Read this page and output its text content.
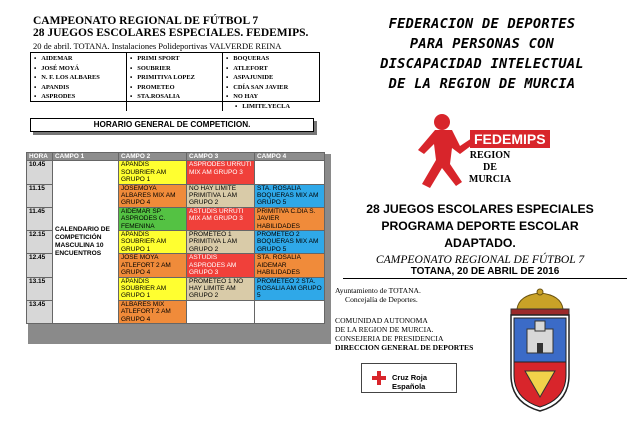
CAMPEONATO REGIONAL DE FÚTBOL 7
28 JUEGOS ESCOLARES ESPECIALES. FEDEMIPS.
20 de abril. TOTANA. Instalaciones Polideportivas VALVERDE REINA
▪ AIDEMAR
▪ JOSÉ MOYÁ
▪ N. F. LOS ALBARES
▪ APANDIS
▪ ASPRODES
▪ PRIMI SPORT
▪ SOUBRIER
▪ PRIMITIVA LOPEZ
▪ PROMETEO
▪ STA.ROSALIA
▪ BOQUERAS
▪ ATLEFORT
▪ ASPAJUNIDE
▪ CDÍA SAN JAVIER
▪ NO HAY
▪ LIMITE.YECLA
HORARIO GENERAL DE COMPETICION.
HORA	CAMPO 1	CAMPO 2	CAMPO 3	CAMPO 4
10.45	CALENDARIO DE COMPETICIÓN MASCULINA 10 ENCUENTROS	APANDIS SOUBRIER AM GRUPO 1	ASPRODES URRUTI MIX AM GRUPO 3	
11.15		JOSEMOYA ALBARES MIX AM GRUPO 4	NO HAY LIMITE PRIMITIVA L AM GRUPO 2	STA. ROSALIA BOQUERAS MIX AM GRUPO 5
11.45		AIDEMAR SP ASPRODES C. FEMENINA	ASTUDIS URRUTI MIX AM GRUPO 3	PRIMITIVA C.DIA S. JAVIER HABILIDADES
12.15		APANDIS SOUBRIER AM GRUPO 1	PROMETEO 1 PRIMITIVA L AM GRUPO 2	PROMETEO 2 BOQUERAS MIX AM GRUPO 5
12.45		JOSE MOYA ATLEFORT 2 AM GRUPO 4	ASTUDIS ASPRODES AM GRUPO 3	STA. ROSALIA AIDEMAR HABILIDADES
13.15		APANDIS SOUBRIER AM GRUPO 1	PROMETEO 1 NO HAY LIMITE AM GRUPO 2	PROMETEO 2 STA. ROSALIA AM GRUPO 5
13.45		ALBARES MIX ATLEFORT 2 AM GRUPO 4		
FEDERACION DE DEPORTES
PARA PERSONAS CON
DISCAPACIDAD INTELECTUAL
DE LA REGION DE MURCIA
FEDEMIPS
REGION
DE
MURCIA
28 JUEGOS ESCOLARES ESPECIALES
PROGRAMA DEPORTE ESCOLAR
ADAPTADO.
CAMPEONATO REGIONAL DE FÚTBOL 7
TOTANA, 20 DE ABRIL DE 2016
Ayuntamiento de TOTANA.
Concejalía de Deportes.
COMUNIDAD AUTONOMA
DE LA REGION DE MURCIA.
CONSEJERIA DE PRESIDENCIA
DIRECCION GENERAL DE DEPORTES
Cruz Roja Española
